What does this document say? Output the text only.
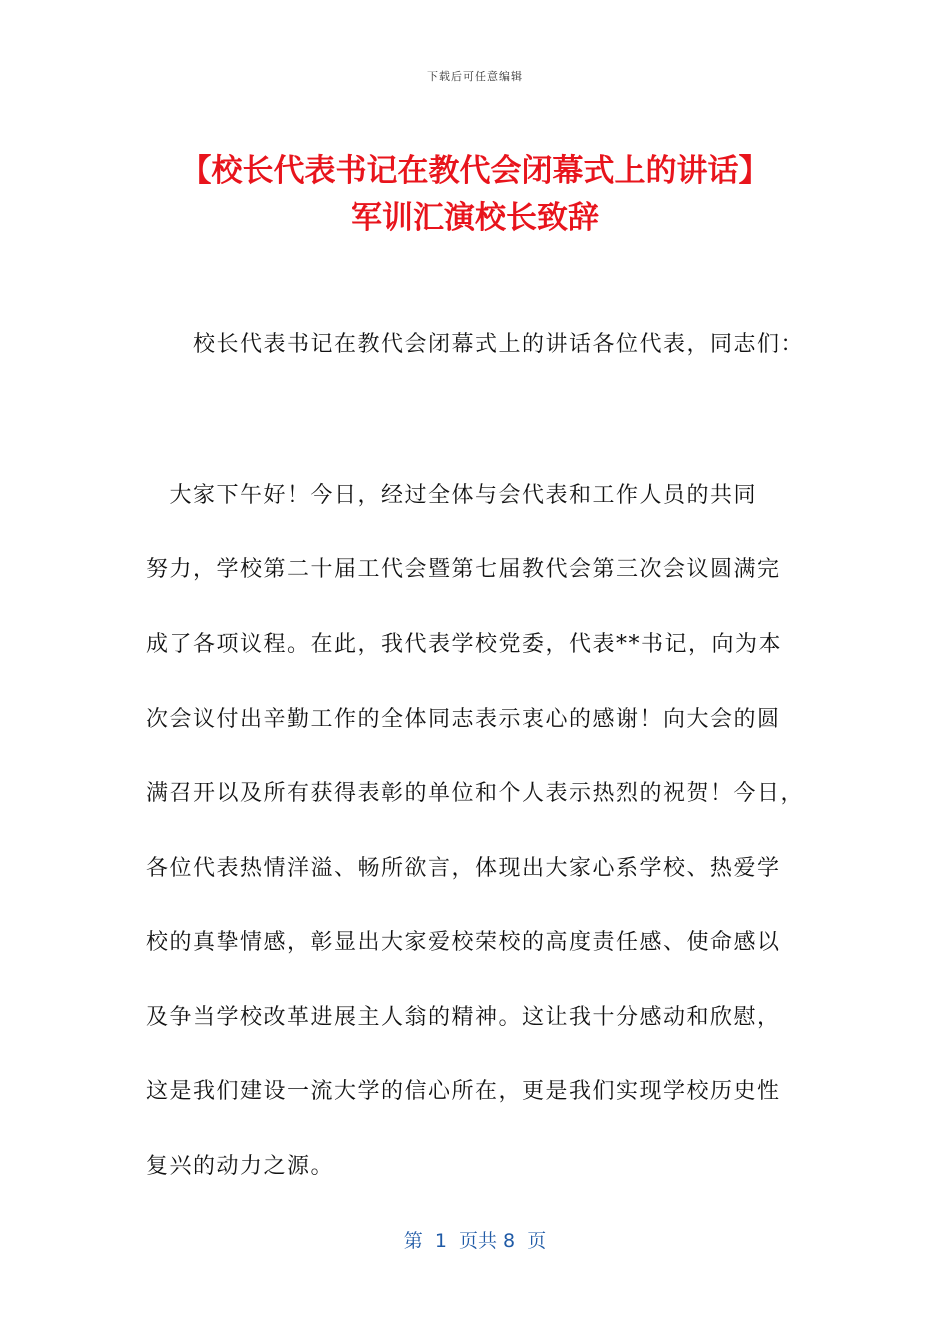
下载后可任意编辑
【校长代表书记在教代会闭幕式上的讲话】
军训汇演校长致辞
校长代表书记在教代会闭幕式上的讲话各位代表，同志们：
　大家下午好！今日，经过全体与会代表和工作人员的共同
努力，学校第二十届工代会暨第七届教代会第三次会议圆满完
成了各项议程。在此，我代表学校党委，代表**书记，向为本
次会议付出辛勤工作的全体同志表示衷心的感谢！向大会的圆
满召开以及所有获得表彰的单位和个人表示热烈的祝贺！今日，
各位代表热情洋溢、畅所欲言，体现出大家心系学校、热爱学
校的真挚情感，彰显出大家爱校荣校的高度责任感、使命感以
及争当学校改革进展主人翁的精神。这让我十分感动和欣慰，
这是我们建设一流大学的信心所在，更是我们实现学校历史性
复兴的动力之源。
第  1  页共 8  页
